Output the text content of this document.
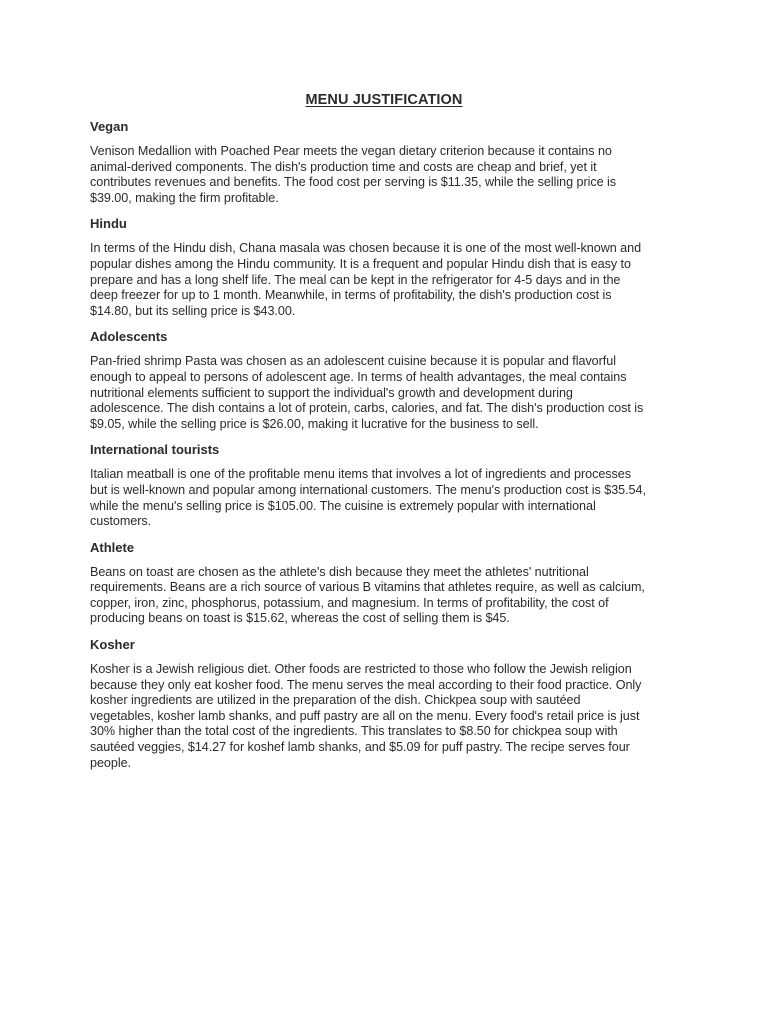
MENU JUSTIFICATION
Vegan

Venison Medallion with Poached Pear meets the vegan dietary criterion because it contains no
animal-derived components. The dish's production time and costs are cheap and brief, yet it
contributes revenues and benefits. The food cost per serving is $11.35, while the selling price is
$39.00, making the firm profitable.

Hindu

In terms of the Hindu dish, Chana masala was chosen because it is one of the most well-known and
popular dishes among the Hindu community. It is a frequent and popular Hindu dish that is easy to
prepare and has a long shelf life. The meal can be kept in the refrigerator for 4-5 days and in the
deep freezer for up to 1 month. Meanwhile, in terms of profitability, the dish's production cost is
$14.80, but its selling price is $43.00.

Adolescents

Pan-fried shrimp Pasta was chosen as an adolescent cuisine because it is popular and flavorful
enough to appeal to persons of adolescent age. In terms of health advantages, the meal contains
nutritional elements sufficient to support the individual's growth and development during
adolescence. The dish contains a lot of protein, carbs, calories, and fat. The dish's production cost is
$9.05, while the selling price is $26.00, making it lucrative for the business to sell.

International tourists

Italian meatball is one of the profitable menu items that involves a lot of ingredients and processes
but is well-known and popular among international customers. The menu's production cost is $35.54,
while the menu's selling price is $105.00. The cuisine is extremely popular with international
customers.

Athlete

Beans on toast are chosen as the athlete's dish because they meet the athletes' nutritional
requirements. Beans are a rich source of various B vitamins that athletes require, as well as calcium,
copper, iron, zinc, phosphorus, potassium, and magnesium. In terms of profitability, the cost of
producing beans on toast is $15.62, whereas the cost of selling them is $45.

Kosher

Kosher is a Jewish religious diet. Other foods are restricted to those who follow the Jewish religion
because they only eat kosher food. The menu serves the meal according to their food practice. Only
kosher ingredients are utilized in the preparation of the dish. Chickpea soup with sautéed
vegetables, kosher lamb shanks, and puff pastry are all on the menu. Every food's retail price is just
30% higher than the total cost of the ingredients. This translates to $8.50 for chickpea soup with
sautéed veggies, $14.27 for koshef lamb shanks, and $5.09 for puff pastry. The recipe serves four
people.
